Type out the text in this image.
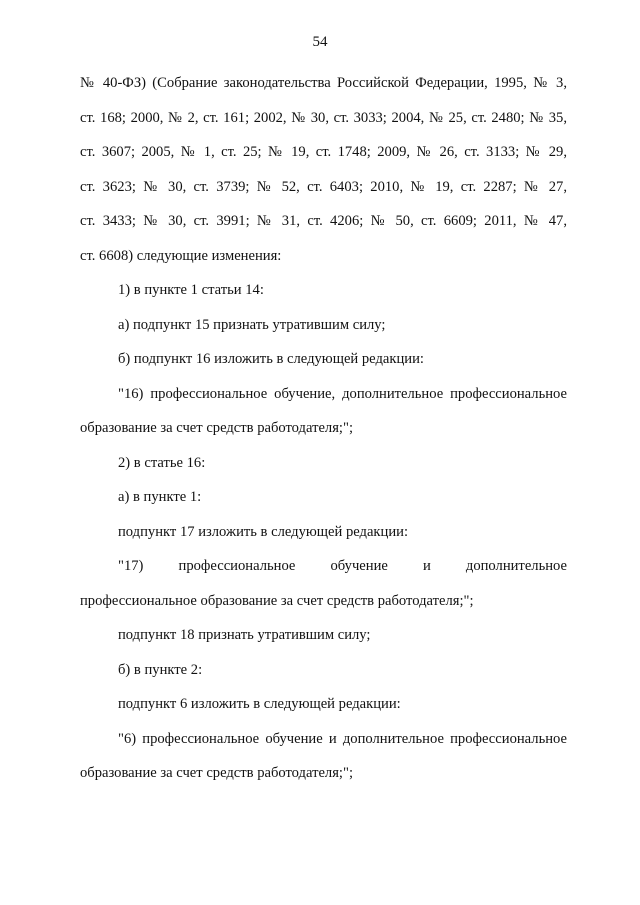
54
№ 40-ФЗ) (Собрание законодательства Российской Федерации, 1995, № 3,
ст. 168; 2000, № 2, ст. 161; 2002, № 30, ст. 3033; 2004, № 25, ст. 2480; № 35,
ст. 3607; 2005, № 1, ст. 25; № 19, ст. 1748; 2009, № 26, ст. 3133; № 29,
ст. 3623; № 30, ст. 3739; № 52, ст. 6403; 2010, № 19, ст. 2287; № 27,
ст. 3433; № 30, ст. 3991; № 31, ст. 4206; № 50, ст. 6609; 2011, № 47,
ст. 6608) следующие изменения:
1) в пункте 1 статьи 14:
а) подпункт 15 признать утратившим силу;
б) подпункт 16 изложить в следующей редакции:
"16) профессиональное обучение, дополнительное профессиональное
образование за счет средств работодателя;";
2) в статье 16:
а) в пункте 1:
подпункт 17 изложить в следующей редакции:
"17) профессиональное обучение и дополнительное
профессиональное образование за счет средств работодателя;";
подпункт 18 признать утратившим силу;
б) в пункте 2:
подпункт 6 изложить в следующей редакции:
"6) профессиональное обучение и дополнительное профессиональное
образование за счет средств работодателя;";
